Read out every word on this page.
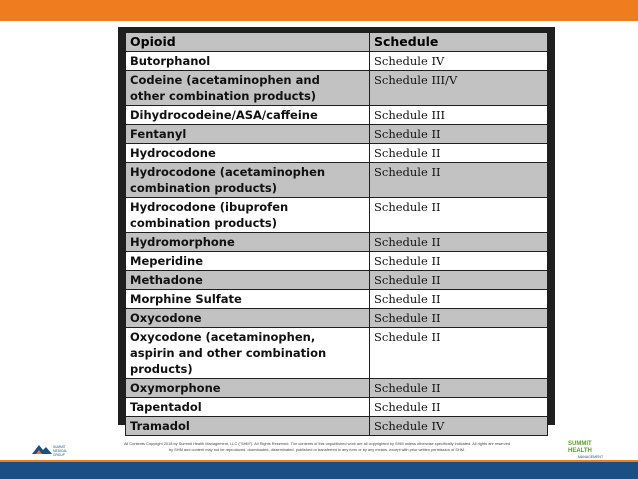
Opioid	Schedule

Butorphanol	Schedule IV

Codeine (acetaminophen and
other combination products)	Schedule III/V

Dihydrocodeine/ASA/caffeine	Schedule III

Fentanyl	Schedule II

Hydrocodone	Schedule II

Hydrocodone (acetaminophen
combination products)	Schedule II

Hydrocodone (ibuprofen
combination products)	Schedule II

Hydromorphone	Schedule II

Meperidine	Schedule II

Methadone	Schedule II

Morphine Sulfate	Schedule II

Oxycodone	Schedule II

Oxycodone (acetaminophen,
aspirin and other combination
products)	Schedule II

Oxymorphone	Schedule II

Tapentadol	Schedule II

Tramadol	Schedule IV
SUMMIT
MEDICAL
GROUP
All Contents Copyright 2018 by Summit Health Management, LLC ("SHM"). All Rights Reserved. The contents of this unpublished work are all copyrighted by SHM unless otherwise specifically indicated. All rights are reserved
by SHM and content may not be reproduced, downloaded, disseminated, published or transferred in any form or by any means, except with prior written permission of SHM.
SUMMIT HEALTH
MANAGEMENT
